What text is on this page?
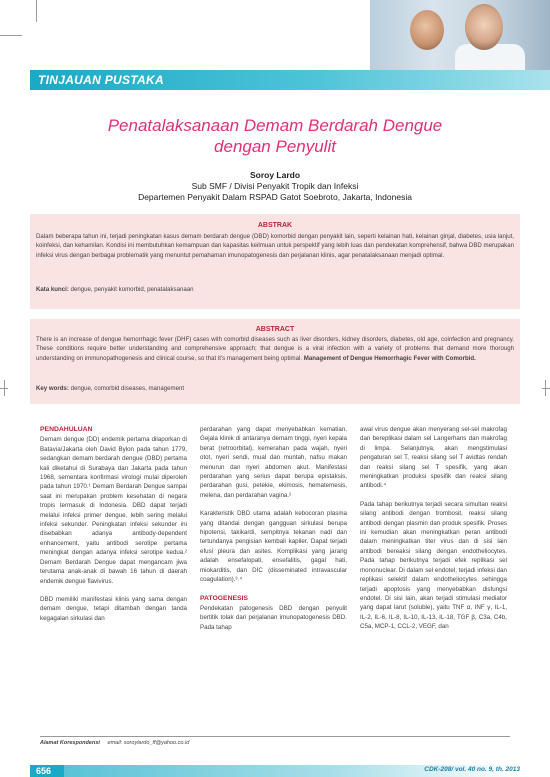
TINJAUAN PUSTAKA
Penatalaksanaan Demam Berdarah Dengue
dengan Penyulit
Soroy Lardo
Sub SMF / Divisi Penyakit Tropik dan Infeksi
Departemen Penyakit Dalam RSPAD Gatot Soebroto, Jakarta, Indonesia
ABSTRAK
Dalam beberapa tahun ini, terjadi peningkatan kasus demam berdarah dengue (DBD) komorbid dengan penyakit lain, seperti kelainan hati, kelainan ginjal, diabetes, usia lanjut, koinfeksi, dan kehamilan. Kondisi ini membutuhkan kemampuan dan kapasitas keilmuan untuk perspektif yang lebih luas dan pendekatan komprehensif, bahwa DBD merupakan infeksi virus dengan berbagai problematik yang menuntut pemahaman imunopatogenesis dan perjalanan klinis, agar penatalaksanaan menjadi optimal.
Kata kunci: dengue, penyakit komorbid, penatalaksanaan
ABSTRACT
There is an increase of dengue hemorrhagic fever (DHF) cases with comorbid diseases such as liver disorders, kidney disorders, diabetes, old age, coinfection and pregnancy. These conditions require better understanding and comprehensive approach; that dengue is a viral infection with a variety of problems that demand more thorough understanding on immunopathogenesis and clinical course, so that it's management being optimal. Management of Dengue Hemorrhagic Fever with Comorbid.
Key words: dengue, comorbid diseases, management
PENDAHULUAN

Demam dengue (DD) endemik pertama dilaporkan di Batavia/Jakarta oleh David Bylon pada tahun 1779, sedangkan demam berdarah dengue (DBD) pertama kali diketahui di Surabaya dan Jakarta pada tahun 1968, sementara konfirmasi virologi mulai diperoleh pada tahun 1970.¹ Demam Berdarah Dengue sampai saat ini merupakan problem kesehatan di negara tropis termasuk di Indonesia. DBD dapat terjadi melalui infeksi primer dengue, lebih sering melalui infeksi sekunder. Peningkatan infeksi sekunder ini disebabkan adanya antibody-dependent enhancement, yaitu antibodi serotipe pertama meningkat dengan adanya infeksi serotipe kedua.² Demam Berdarah Dengue dapat mengancam jiwa terutama anak-anak di bawah 16 tahun di daerah endemik dengue flavivirus.

DBD memiliki manifestasi klinis yang sama dengan demam dengue, tetapi ditambah dengan tanda kegagalan sirkulasi dan

perdarahan yang dapat menyebabkan kematian. Gejala klinik di antaranya demam tinggi, nyeri kepala berat (retroorbital), kemerahan pada wajah, nyeri otot, nyeri sendi, mual dan muntah, nafsu makan menurun dan nyeri abdomen akut. Manifestasi perdarahan yang serius dapat berupa epistaksis, perdarahan gusi, petekie, ekimosis, hematemesis, melena, dan perdarahan vagina.²

Karakteristik DBD utama adalah kebocoran plasma yang ditandai dengan gangguan sirkulasi berupa hipotensi, takikardi, sempitnya tekanan nadi dan tertundanya pengisian kembali kapiler. Dapat terjadi efusi pleura dan asites. Komplikasi yang jarang adalah ensefalopati, ensefalitis, gagal hati, miokarditis, dan DIC (disseminated intravascular coagulation).³˒⁴

PATOGENESIS

Pendekatan patogenesis DBD dengan penyulit bertitik tolak dari perjalanan imunopatogenesis DBD. Pada tahap

awal virus dengue akan menyerang sel-sel makrofag dan bereplikasi dalam sel Langerhans dan makrofag di limpa. Selanjutnya, akan mengstimulasi pengaturan sel T, reaksi silang sel T avidtas rendah dan reaksi silang sel T spesifik, yang akan meningkatkan produksi spesifik dan reaksi silang antibodi.⁴

Pada tahap berikutnya terjadi secara simultan reaksi silang antibodi dengan trombosit, reaksi silang antibodi dengan plasmin dan produk spesifik. Proses ini kemudian akan meningkatkan peran antibodi dalam meningkatkan titer virus dan di sisi lain antibodi bereaksi silang dengan endotheliocytes. Pada tahap berikutnya terjadi efek replikasi sel mononuclear. Di dalam sel endotel, terjadi infeksi dan replikasi selektif dalam endotheliocytes sehingga terjadi apoptosis yang menyebabkan disfungsi endotel. Di sisi lain, akan terjadi stimulasi mediator yang dapat larut (soluble), yaitu TNF α, INF γ, IL-1, IL-2, IL-6, IL-8, IL-10, IL-13, IL-18, TGF β, C3a, C4b, C5a, MCP-1, CCL-2, VEGF, dan

Alamat Korespondensi email: soroylardo_ff@yahoo.co.id
656	CDK-208/ vol. 40 no. 9, th. 2013
